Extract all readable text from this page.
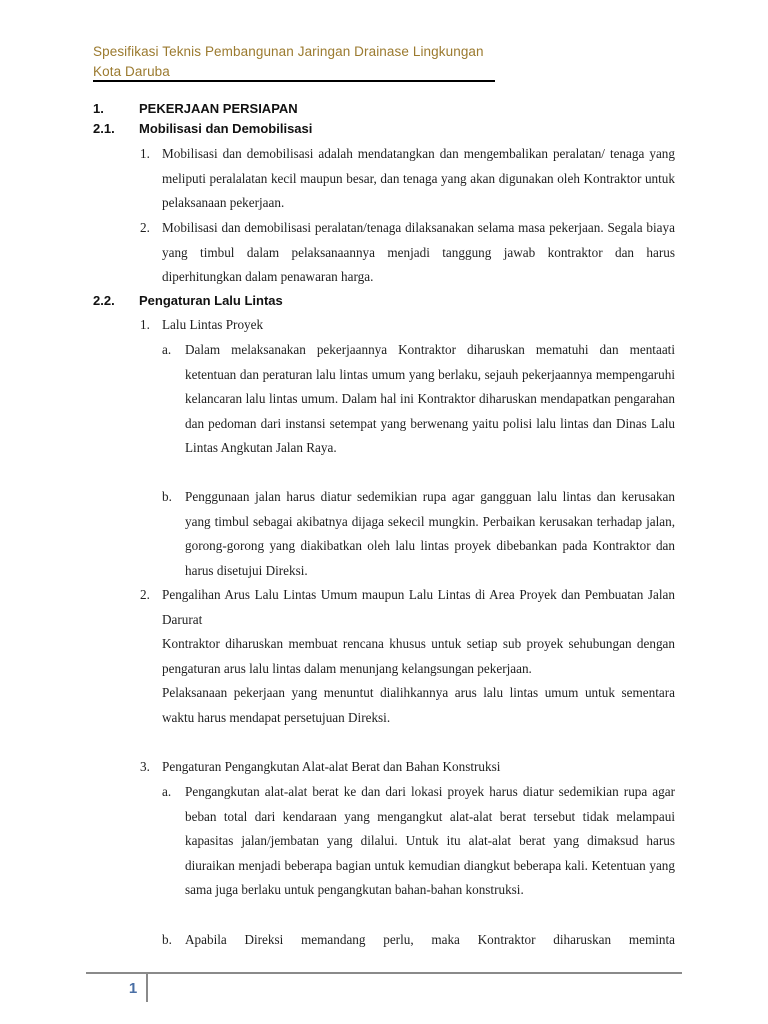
Spesifikasi Teknis Pembangunan Jaringan Drainase Lingkungan
Kota Daruba
1.	PEKERJAAN PERSIAPAN
2.1. Mobilisasi dan Demobilisasi
1. Mobilisasi dan demobilisasi adalah mendatangkan dan mengembalikan peralatan/ tenaga yang meliputi peralalatan kecil maupun besar, dan tenaga yang akan digunakan oleh Kontraktor untuk pelaksanaan pekerjaan.
2. Mobilisasi dan demobilisasi peralatan/tenaga dilaksanakan selama masa pekerjaan. Segala biaya yang timbul dalam pelaksanaannya menjadi tanggung jawab kontraktor dan harus diperhitungkan dalam penawaran harga.
2.2. Pengaturan Lalu Lintas
1. Lalu Lintas Proyek
a. Dalam melaksanakan pekerjaannya Kontraktor diharuskan mematuhi dan mentaati ketentuan dan peraturan lalu lintas umum yang berlaku, sejauh pekerjaannya mempengaruhi kelancaran lalu lintas umum. Dalam hal ini Kontraktor diharuskan mendapatkan pengarahan dan pedoman dari instansi setempat yang berwenang yaitu polisi lalu lintas dan Dinas Lalu Lintas Angkutan Jalan Raya.
b. Penggunaan jalan harus diatur sedemikian rupa agar gangguan lalu lintas dan kerusakan yang timbul sebagai akibatnya dijaga sekecil mungkin. Perbaikan kerusakan terhadap jalan, gorong-gorong yang diakibatkan oleh lalu lintas proyek dibebankan pada Kontraktor dan harus disetujui Direksi.
2. Pengalihan Arus Lalu Lintas Umum maupun Lalu Lintas di Area Proyek dan Pembuatan Jalan Darurat

Kontraktor diharuskan membuat rencana khusus untuk setiap sub proyek sehubungan dengan pengaturan arus lalu lintas dalam menunjang kelangsungan pekerjaan.

Pelaksanaan pekerjaan yang menuntut dialihkannya arus lalu lintas umum untuk sementara waktu harus mendapat persetujuan Direksi.

3. Pengaturan Pengangkutan Alat-alat Berat dan Bahan Konstruksi
a. Pengangkutan alat-alat berat ke dan dari lokasi proyek harus diatur sedemikian rupa agar beban total dari kendaraan yang mengangkut alat-alat berat tersebut tidak melampaui kapasitas jalan/jembatan yang dilalui. Untuk itu alat-alat berat yang dimaksud harus diuraikan menjadi beberapa bagian untuk kemudian diangkut beberapa kali. Ketentuan yang sama juga berlaku untuk pengangkutan bahan-bahan konstruksi.
b. Apabila Direksi memandang perlu, maka Kontraktor diharuskan meminta
1
